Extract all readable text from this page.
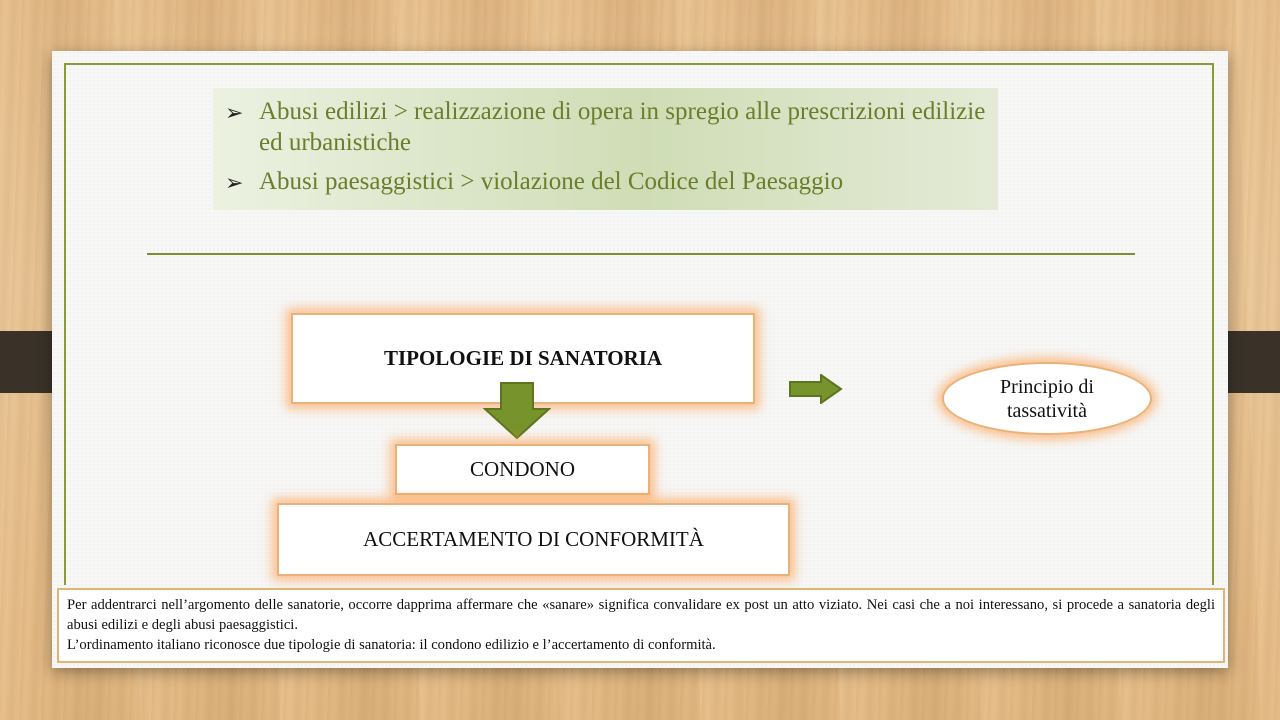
➢ Abusi edilizi > realizzazione di opera in spregio alle prescrizioni edilizie ed urbanistiche
➢ Abusi paesaggistici > violazione del Codice del Paesaggio
TIPOLOGIE DI SANATORIA
CONDONO
ACCERTAMENTO DI CONFORMITÀ
Principio di
tassatività

Per addentrarci nell’argomento delle sanatorie, occorre dapprima affermare che «sanare» significa convalidare ex post un atto viziato. Nei casi che a noi interessano, si procede a sanatoria degli abusi edilizi e degli abusi paesaggistici.

L’ordinamento italiano riconosce due tipologie di sanatoria: il condono edilizio e l’accertamento di conformità.
